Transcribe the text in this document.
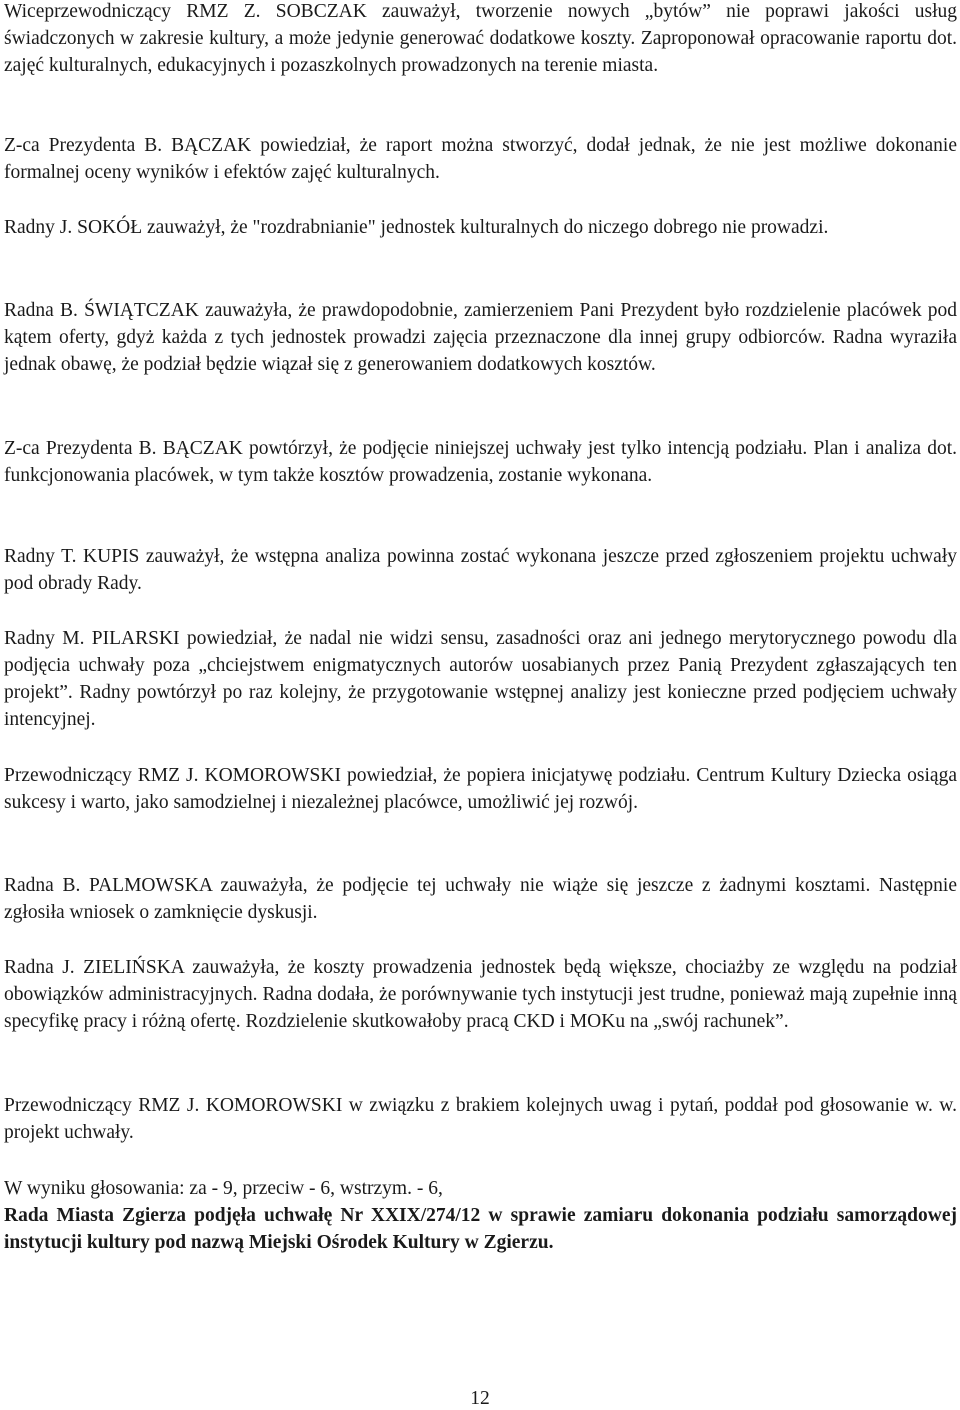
Wiceprzewodniczący RMZ Z. SOBCZAK zauważył, tworzenie nowych „bytów” nie poprawi jakości usług świadczonych w zakresie kultury, a może jedynie generować dodatkowe koszty. Zaproponował opracowanie raportu dot. zajęć kulturalnych, edukacyjnych i pozaszkolnych prowadzonych na terenie miasta.

Z-ca Prezydenta B. BĄCZAK powiedział, że raport można stworzyć, dodał jednak, że nie jest możliwe dokonanie formalnej oceny wyników i efektów zajęć kulturalnych.

Radny J. SOKÓŁ zauważył, że "rozdrabnianie" jednostek kulturalnych do niczego dobrego nie prowadzi.

Radna B. ŚWIĄTCZAK zauważyła, że prawdopodobnie, zamierzeniem Pani Prezydent było rozdzielenie placówek pod kątem oferty, gdyż każda z tych jednostek prowadzi zajęcia przeznaczone dla innej grupy odbiorców. Radna wyraziła jednak obawę, że podział będzie wiązał się z generowaniem dodatkowych kosztów.

Z-ca Prezydenta B. BĄCZAK powtórzył, że podjęcie niniejszej uchwały jest tylko intencją podziału. Plan i analiza dot. funkcjonowania placówek, w tym także kosztów prowadzenia, zostanie wykonana.

Radny T. KUPIS zauważył, że wstępna analiza powinna zostać wykonana jeszcze przed zgłoszeniem projektu uchwały pod obrady Rady.

Radny M. PILARSKI powiedział, że nadal nie widzi sensu, zasadności oraz ani jednego merytorycznego powodu dla podjęcia uchwały poza „chciejstwem enigmatycznych autorów uosabianych przez Panią Prezydent zgłaszających ten projekt”. Radny powtórzył po raz kolejny, że przygotowanie wstępnej analizy jest konieczne przed podjęciem uchwały intencyjnej.

Przewodniczący RMZ J. KOMOROWSKI powiedział, że popiera inicjatywę podziału. Centrum Kultury Dziecka osiąga sukcesy i warto, jako samodzielnej i niezależnej placówce, umożliwić jej rozwój.

Radna B. PALMOWSKA zauważyła, że podjęcie tej uchwały nie wiąże się jeszcze z żadnymi kosztami. Następnie zgłosiła wniosek o zamknięcie dyskusji.

Radna J. ZIELIŃSKA zauważyła, że koszty prowadzenia jednostek będą większe, chociażby ze względu na podział obowiązków administracyjnych. Radna dodała, że porównywanie tych instytucji jest trudne, ponieważ mają zupełnie inną specyfikę pracy i różną ofertę. Rozdzielenie skutkowałoby pracą CKD i MOKu na „swój rachunek”.

Przewodniczący RMZ J. KOMOROWSKI w związku z brakiem kolejnych uwag i pytań, poddał pod głosowanie w. w. projekt uchwały.

W wyniku głosowania: za - 9, przeciw - 6, wstrzym. - 6,

Rada Miasta Zgierza podjęła uchwałę Nr XXIX/274/12 w sprawie zamiaru dokonania podziału samorządowej instytucji kultury pod nazwą Miejski Ośrodek Kultury w Zgierzu.

12
